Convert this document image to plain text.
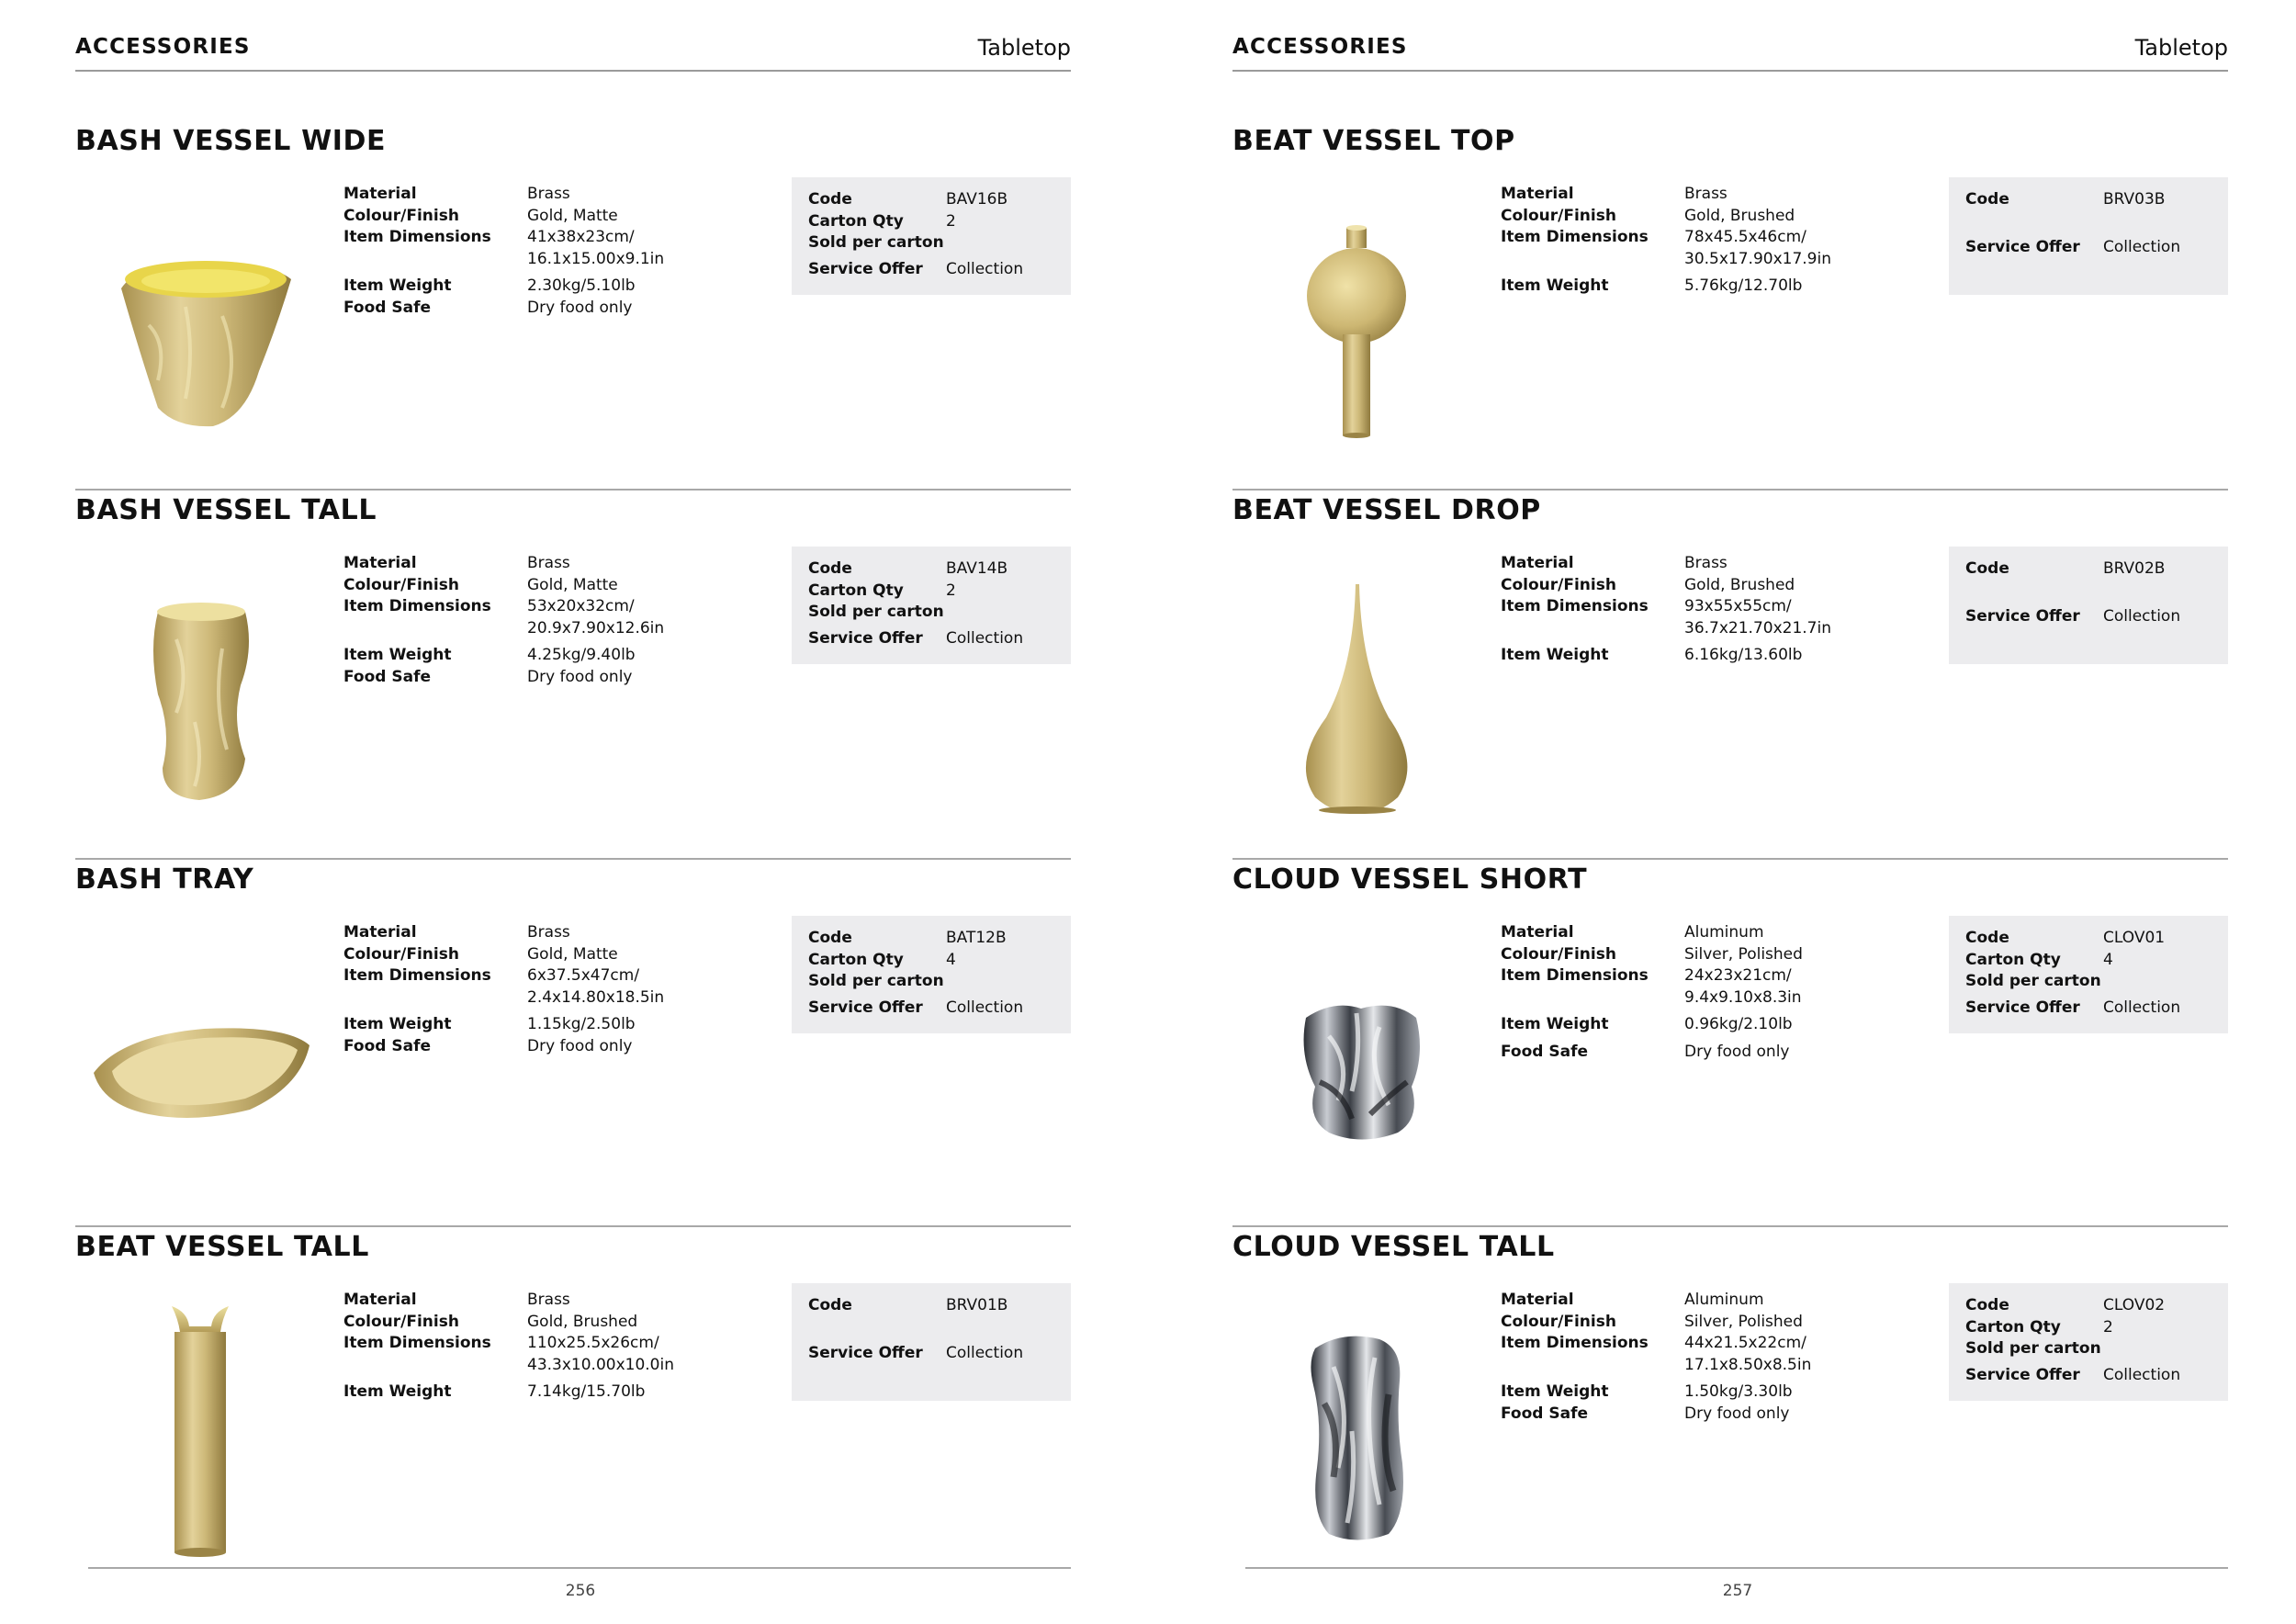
ACCESSORIES	Tabletop
BASH VESSEL WIDE
Material	Brass
Colour/Finish	Gold, Matte
Item Dimensions	41x38x23cm/
16.1x15.00x9.1in
Item Weight	2.30kg/5.10lb
Food Safe	Dry food only
Code	BAV16B
Carton Qty	2
Sold per carton
Service Offer Collection
BASH VESSEL TALL
Material	Brass
Colour/Finish	Gold, Matte
Item Dimensions	53x20x32cm/
20.9x7.90x12.6in
Item Weight	4.25kg/9.40lb
Food Safe	Dry food only
Code	BAV14B
Carton Qty	2
Sold per carton
Service Offer Collection
BASH TRAY
Material	Brass
Colour/Finish	Gold, Matte
Item Dimensions	6x37.5x47cm/
2.4x14.80x18.5in
Item Weight	1.15kg/2.50lb
Food Safe	Dry food only
Code	BAT12B
Carton Qty	4
Sold per carton
Service Offer Collection
BEAT VESSEL TALL
Material	Brass
Colour/Finish	Gold, Brushed
Item Dimensions	110x25.5x26cm/
43.3x10.00x10.0in
Item Weight	7.14kg/15.70lb
Code	BRV01B
Service Offer Collection
256
ACCESSORIES	Tabletop
BEAT VESSEL TOP
Material	Brass
Colour/Finish	Gold, Brushed
Item Dimensions	78x45.5x46cm/
30.5x17.90x17.9in
Item Weight	5.76kg/12.70lb
Code	BRV03B
Service Offer Collection
BEAT VESSEL DROP
Material	Brass
Colour/Finish	Gold, Brushed
Item Dimensions	93x55x55cm/
36.7x21.70x21.7in
Item Weight	6.16kg/13.60lb
Code	BRV02B
Service Offer Collection
CLOUD VESSEL SHORT
Material	Aluminum
Colour/Finish	Silver, Polished
Item Dimensions	24x23x21cm/
9.4x9.10x8.3in
Item Weight	0.96kg/2.10lb
Food Safe	Dry food only
Code	CLOV01
Carton Qty	4
Sold per carton
Service Offer Collection
CLOUD VESSEL TALL
Material	Aluminum
Colour/Finish	Silver, Polished
Item Dimensions	44x21.5x22cm/
17.1x8.50x8.5in
Item Weight	1.50kg/3.30lb
Food Safe	Dry food only
Code	CLOV02
Carton Qty	2
Sold per carton
Service Offer Collection
257
